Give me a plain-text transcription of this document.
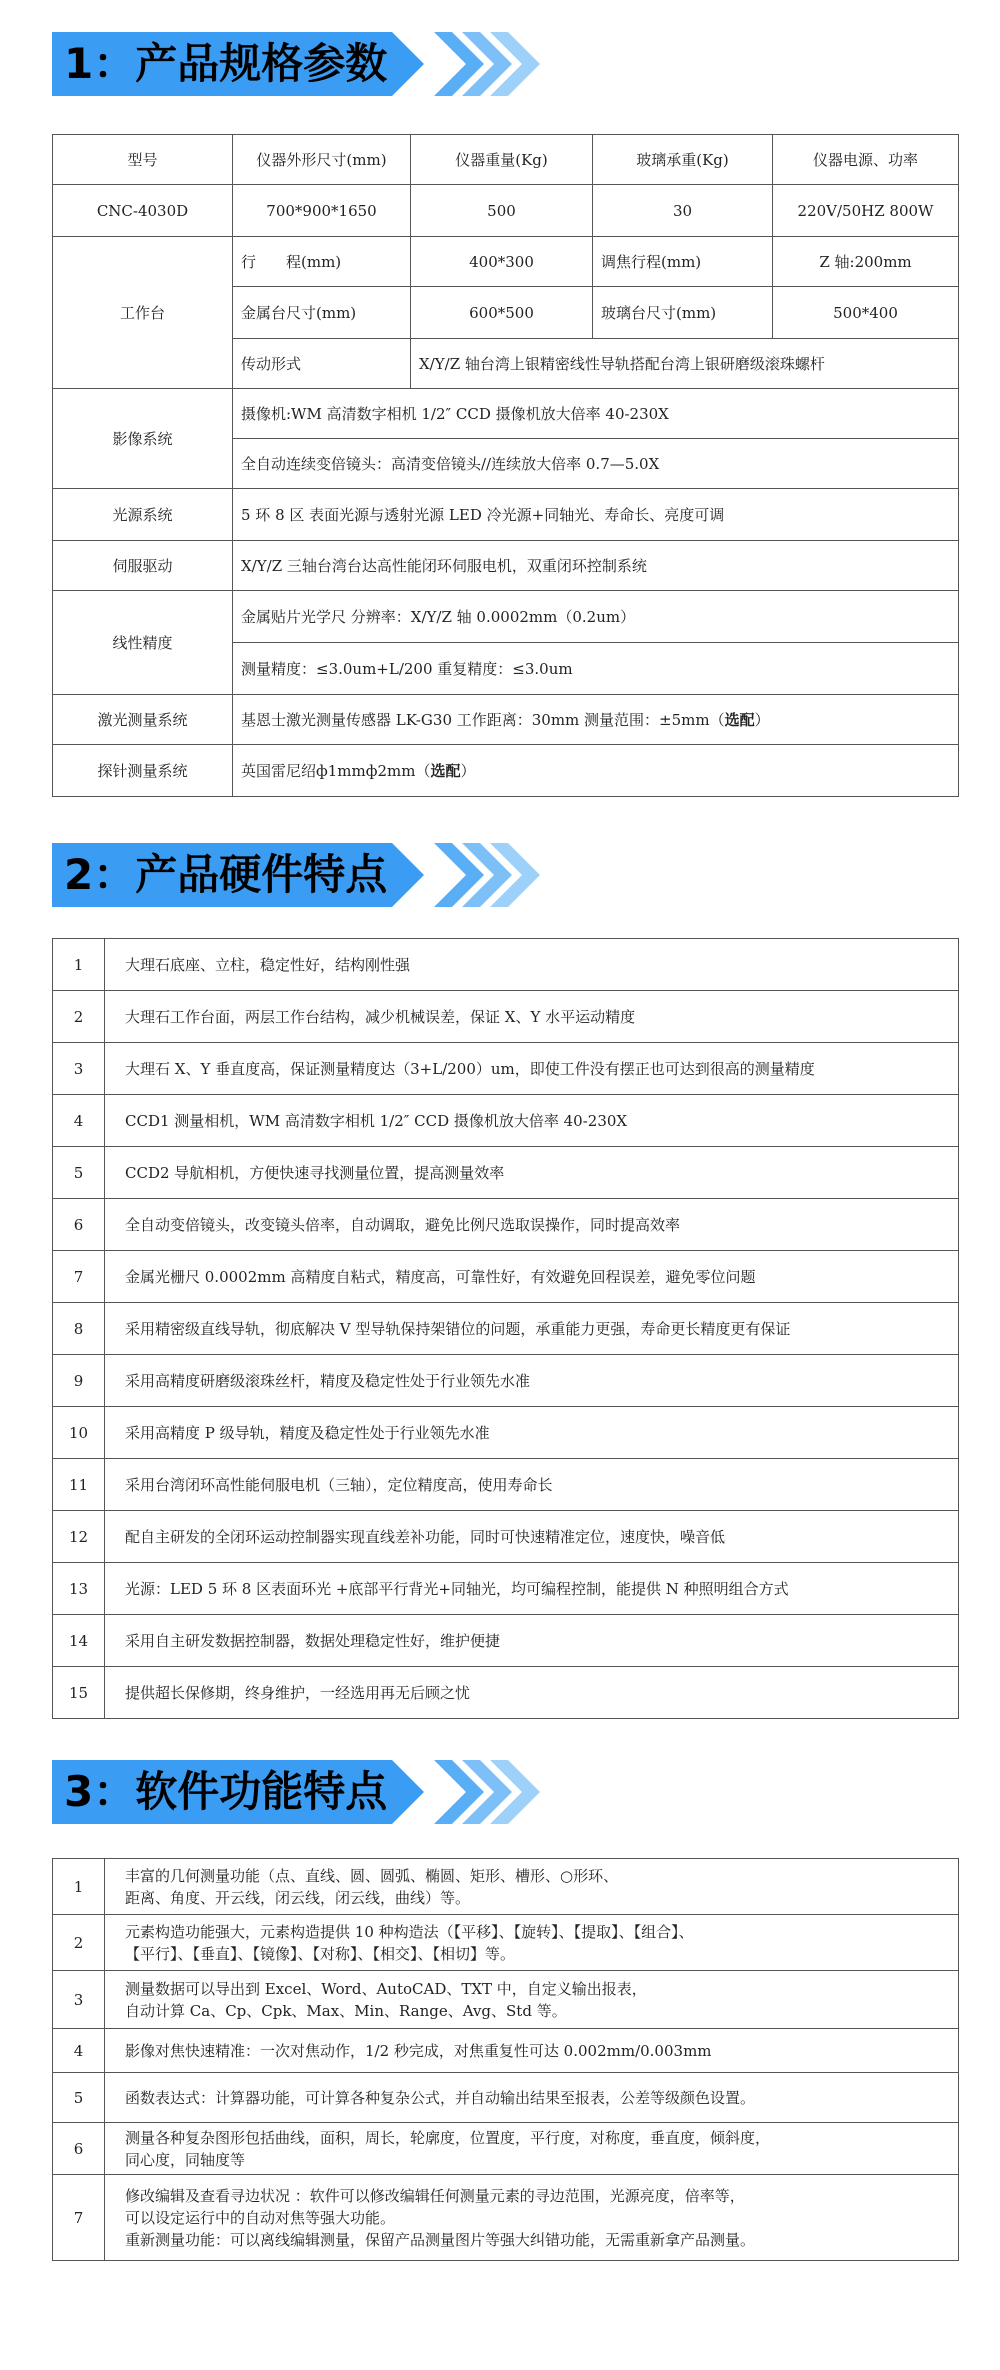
1：产品规格参数
型号	仪器外形尺寸(mm)	仪器重量(Kg)	玻璃承重(Kg)	仪器电源、功率
CNC-4030D	700*900*1650	500	30	220V/50HZ 800W
工作台	行　　程(mm)	400*300	调焦行程(mm)	Z 轴:200mm
	金属台尺寸(mm)	600*500	玻璃台尺寸(mm)	500*400
	传动形式	X/Y/Z 轴台湾上银精密线性导轨搭配台湾上银研磨级滚珠螺杆		
影像系统	摄像机:WM 高清数字相机 1/2″ CCD 摄像机放大倍率 40-230X			
	全自动连续变倍镜头：高清变倍镜头//连续放大倍率 0.7—5.0X			
光源系统	5 环 8 区 表面光源与透射光源 LED 冷光源+同轴光、寿命长、亮度可调			
伺服驱动	X/Y/Z 三轴台湾台达高性能闭环伺服电机，双重闭环控制系统			
线性精度	金属贴片光学尺 分辨率：X/Y/Z 轴 0.0002mm（0.2um）			
	测量精度：≤3.0um+L/200 重复精度：≤3.0um			
激光测量系统	基恩士激光测量传感器 LK-G30 工作距离：30mm 测量范围：±5mm（选配）			
探针测量系统	英国雷尼绍ф1mmф2mm（选配）			
2：产品硬件特点
1	大理石底座、立柱，稳定性好，结构刚性强
2	大理石工作台面，两层工作台结构，减少机械误差，保证 X、Y 水平运动精度
3	大理石 X、Y 垂直度高，保证测量精度达（3+L/200）um，即使工件没有摆正也可达到很高的测量精度
4	CCD1 测量相机，WM 高清数字相机 1/2″ CCD 摄像机放大倍率 40-230X
5	CCD2 导航相机，方便快速寻找测量位置，提高测量效率
6	全自动变倍镜头，改变镜头倍率，自动调取，避免比例尺选取误操作，同时提高效率
7	金属光栅尺 0.0002mm 高精度自粘式，精度高，可靠性好，有效避免回程误差，避免零位问题
8	采用精密级直线导轨，彻底解决 V 型导轨保持架错位的问题，承重能力更强，寿命更长精度更有保证
9	采用高精度研磨级滚珠丝杆，精度及稳定性处于行业领先水准
10	采用高精度 P 级导轨，精度及稳定性处于行业领先水准
11	采用台湾闭环高性能伺服电机（三轴），定位精度高，使用寿命长
12	配自主研发的全闭环运动控制器实现直线差补功能，同时可快速精准定位，速度快，噪音低
13	光源：LED 5 环 8 区表面环光 +底部平行背光+同轴光，均可编程控制，能提供 N 种照明组合方式
14	采用自主研发数据控制器，数据处理稳定性好，维护便捷
15	提供超长保修期，终身维护，一经选用再无后顾之忧
3：软件功能特点
1	丰富的几何测量功能（点、直线、圆、圆弧、椭圆、矩形、槽形、○形环、
距离、角度、开云线，闭云线，闭云线，曲线）等。

2	元素构造功能强大，元素构造提供 10 种构造法（【平移】、【旋转】、【提取】、【组合】、
【平行】、【垂直】、【镜像】、【对称】、【相交】、【相切】等。

3	测量数据可以导出到 Excel、Word、AutoCAD、TXT 中，自定义输出报表，
自动计算 Ca、Cp、Cpk、Max、Min、Range、Avg、Std 等。

4	影像对焦快速精准：一次对焦动作，1/2 秒完成，对焦重复性可达 0.002mm/0.003mm

5	函数表达式：计算器功能，可计算各种复杂公式，并自动输出结果至报表，公差等级颜色设置。

6	测量各种复杂图形包括曲线，面积，周长，轮廓度，位置度，平行度，对称度，垂直度，倾斜度，
同心度，同轴度等

7	修改编辑及查看寻边状况 ：软件可以修改编辑任何测量元素的寻边范围，光源亮度，倍率等，
可以设定运行中的自动对焦等强大功能。
重新测量功能：可以离线编辑测量，保留产品测量图片等强大纠错功能，无需重新拿产品测量。
